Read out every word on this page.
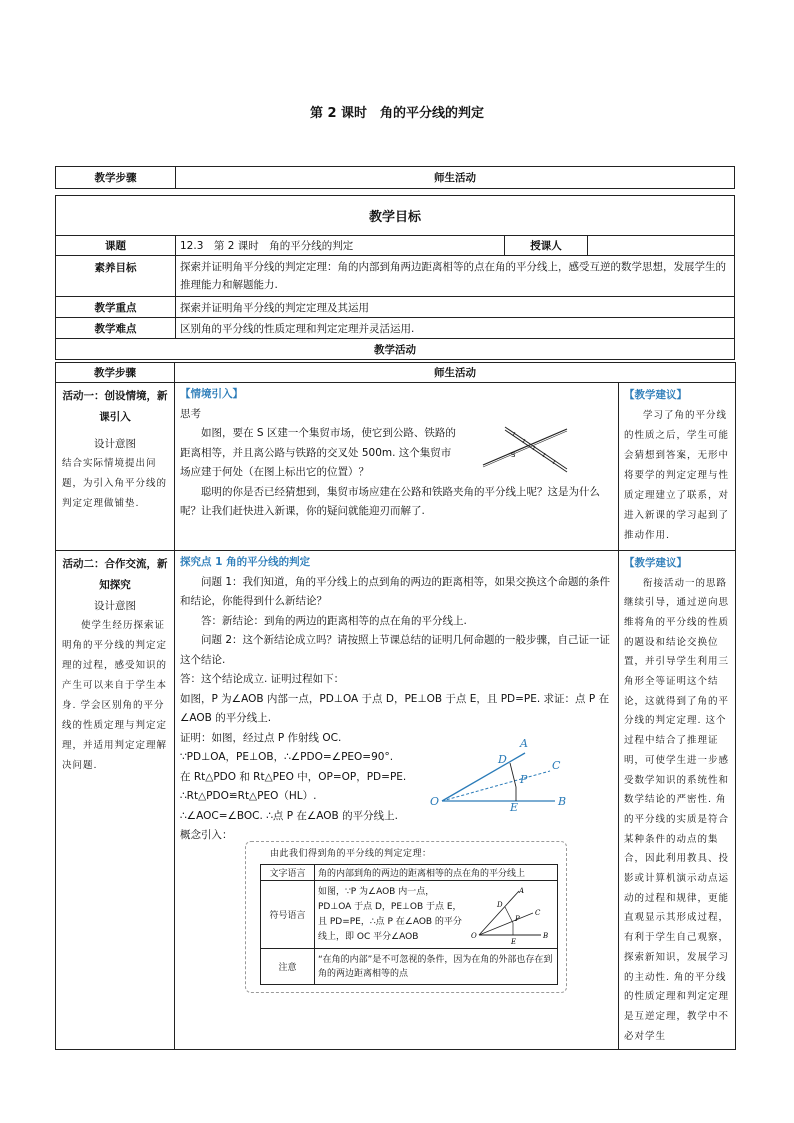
第 2 课时　角的平分线的判定
教学步骤	师生活动
教学目标			
课题	12.3　第 2 课时　角的平分线的判定	授课人	
素养目标	探索并证明角平分线的判定定理：角的内部到角两边距离相等的点在角的平分线上，感受互逆的数学思想，发展学生的推理能力和解题能力.		
教学重点	探索并证明角平分线的判定定理及其运用		
教学难点	区别角的平分线的性质定理和判定定理并灵活运用.		
教学活动			
教学步骤	师生活动

活动一：创设情境，新课引入
设计意图
结合实际情境提出问题，为引入角平分线的判定定理做铺垫.

【情境引入】
思考
如图，要在 S 区建一个集贸市场，使它到公路、铁路的距离相等，并且离公路与铁路的交叉处 500m. 这个集贸市场应建于何处（在图上标出它的位置）？
聪明的你是否已经猜想到，集贸市场应建在公路和铁路夹角的平分线上呢？这是为什么呢？让我们赶快进入新课，你的疑问就能迎刃而解了.
S

【教学建议】
学习了角的平分线的性质之后，学生可能会猜想到答案，无形中将要学的判定定理与性质定理建立了联系，对进入新课的学习起到了推动作用.

活动二：合作交流，新知探究
设计意图
使学生经历探索证明角的平分线的判定定理的过程，感受知识的产生可以来自于学生本身. 学会区别角的平分线的性质定理与判定定理，并适用判定定理解决问题.

探究点 1 角的平分线的判定
问题 1：我们知道，角的平分线上的点到角的两边的距离相等，如果交换这个命题的条件和结论，你能得到什么新结论？
答：新结论：到角的两边的距离相等的点在角的平分线上.
问题 2：这个新结论成立吗？请按照上节课总结的证明几何命题的一般步骤，自己证一证这个结论.
答：这个结论成立. 证明过程如下：
如图，P 为∠AOB 内部一点，PD⊥OA 于点 D，PE⊥OB 于点 E，且 PD=PE. 求证：点 P 在∠AOB 的平分线上.
证明：如图，经过点 P 作射线 OC.
∵PD⊥OA，PE⊥OB，∴∠PDO=∠PEO=90°.
在 Rt△PDO 和 Rt△PEO 中，OP=OP，PD=PE.
∴Rt△PDO≌Rt△PEO（HL）.
∴∠AOC=∠BOC. ∴点 P 在∠AOB 的平分线上.
概念引入：
A
B
C
D
E
O
P
由此我们得到角的平分线的判定定理：
文字语言	角的内部到角的两边的距离相等的点在角的平分线上
符号语言	如图，∵P 为∠AOB 内一点，PD⊥OA 于点 D，PE⊥OB 于点 E，且 PD=PE，∴点 P 在∠AOB 的平分线上，即 OC 平分∠AOB
A
B
C
D
E
O
P

注意	“在角的内部”是不可忽视的条件，因为在角的外部也存在到角的两边距离相等的点

【教学建议】
衔接活动一的思路继续引导，通过逆向思维将角的平分线的性质的题设和结论交换位置，并引导学生利用三角形全等证明这个结论，这就得到了角的平分线的判定定理. 这个过程中结合了推理证明，可使学生进一步感受数学知识的系统性和数学结论的严密性. 角的平分线的实质是符合某种条件的动点的集合，因此利用教具、投影或计算机演示动点运动的过程和规律，更能直观显示其形成过程，有利于学生自己观察，探索新知识，发展学习的主动性. 角的平分线的性质定理和判定定理是互逆定理，教学中不必对学生
